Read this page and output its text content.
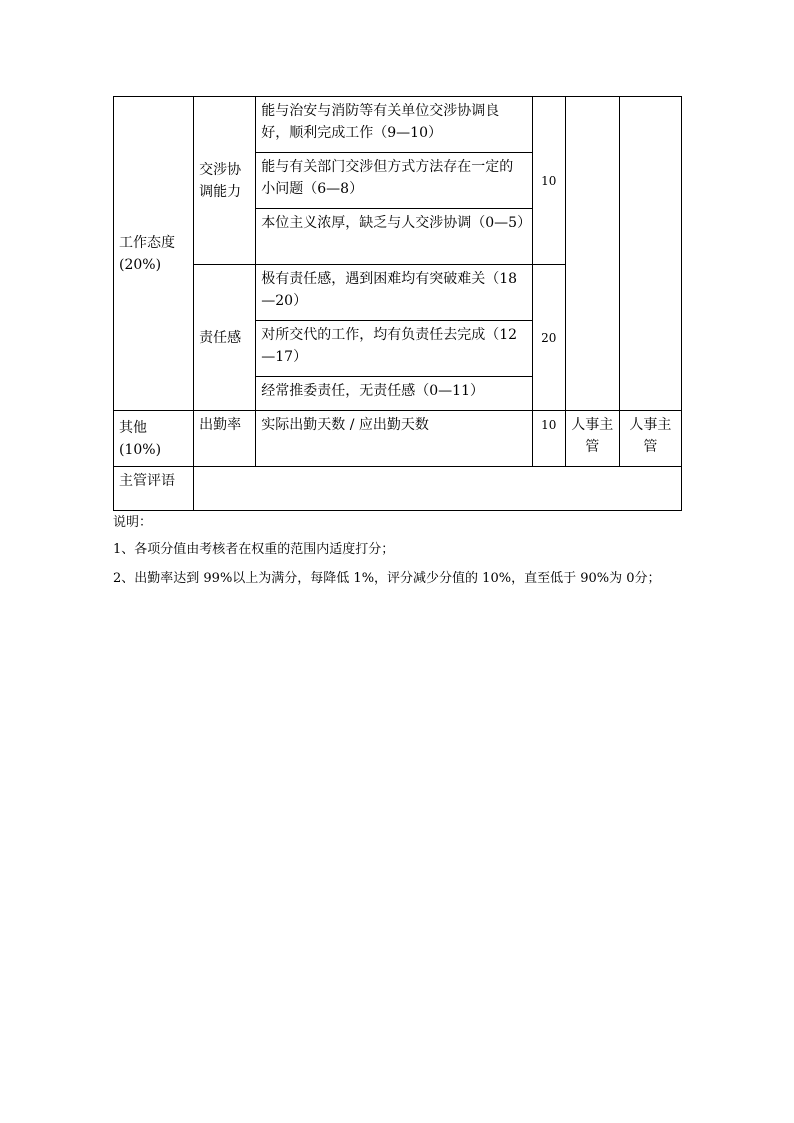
工作态度(20%)	交涉协调能力	能与治安与消防等有关单位交涉协调良好，顺利完成工作（9—10）	10		
		能与有关部门交涉但方式方法存在一定的小问题（6—8）			
		本位主义浓厚，缺乏与人交涉协调（0—5）			
	责任感	极有责任感，遇到困难均有突破难关（18—20）	20		
		对所交代的工作，均有负责任去完成（12—17）			
		经常推委责任，无责任感（0—11）			
其他(10%)	出勤率	实际出勤天数 / 应出勤天数	10	人事主管	人事主管
主管评语					

说明：

1、各项分值由考核者在权重的范围内适度打分；

2、出勤率达到 99%以上为满分，每降低 1%，评分减少分值的 10%，直至低于 90%为 0分；
